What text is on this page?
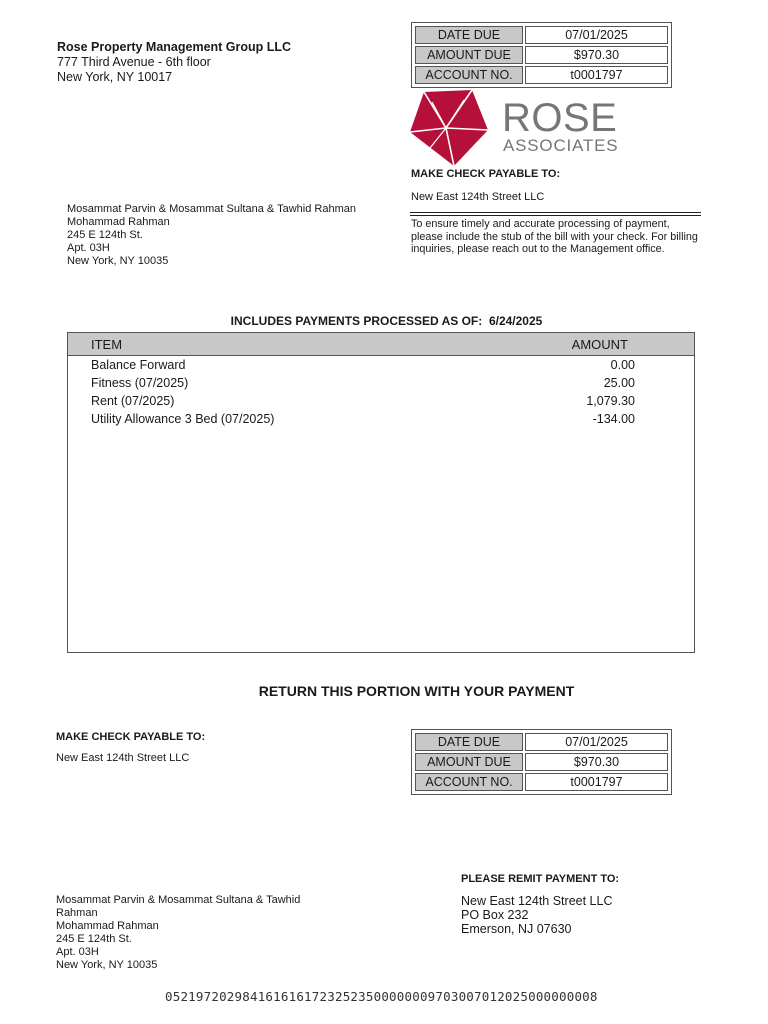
Rose Property Management Group LLC
777 Third Avenue - 6th floor
New York, NY 10017
DATE DUE	07/01/2025
AMOUNT DUE	$970.30
ACCOUNT NO.	t0001797
ROSE
ASSOCIATES
MAKE CHECK PAYABLE TO:
New East 124th Street LLC
To ensure timely and accurate processing of payment, please include the stub of the bill with your check. For billing inquiries, please reach out to the Management office.
Mosammat Parvin & Mosammat Sultana & Tawhid Rahman
Mohammad Rahman
245 E 124th St.
Apt. 03H
New York, NY 10035
INCLUDES PAYMENTS PROCESSED AS OF: 6/24/2025
ITEM	AMOUNT
Balance Forward	0.00
Fitness (07/2025)	25.00
Rent (07/2025)	1,079.30
Utility Allowance 3 Bed (07/2025)	-134.00
RETURN THIS PORTION WITH YOUR PAYMENT
MAKE CHECK PAYABLE TO:
New East 124th Street LLC
DATE DUE	07/01/2025
AMOUNT DUE	$970.30
ACCOUNT NO.	t0001797
Mosammat Parvin & Mosammat Sultana & Tawhid
Rahman
Mohammad Rahman
245 E 124th St.
Apt. 03H
New York, NY 10035
PLEASE REMIT PAYMENT TO:
New East 124th Street LLC
PO Box 232
Emerson, NJ 07630
05219720298416161617232523500000009703007012025000000008
